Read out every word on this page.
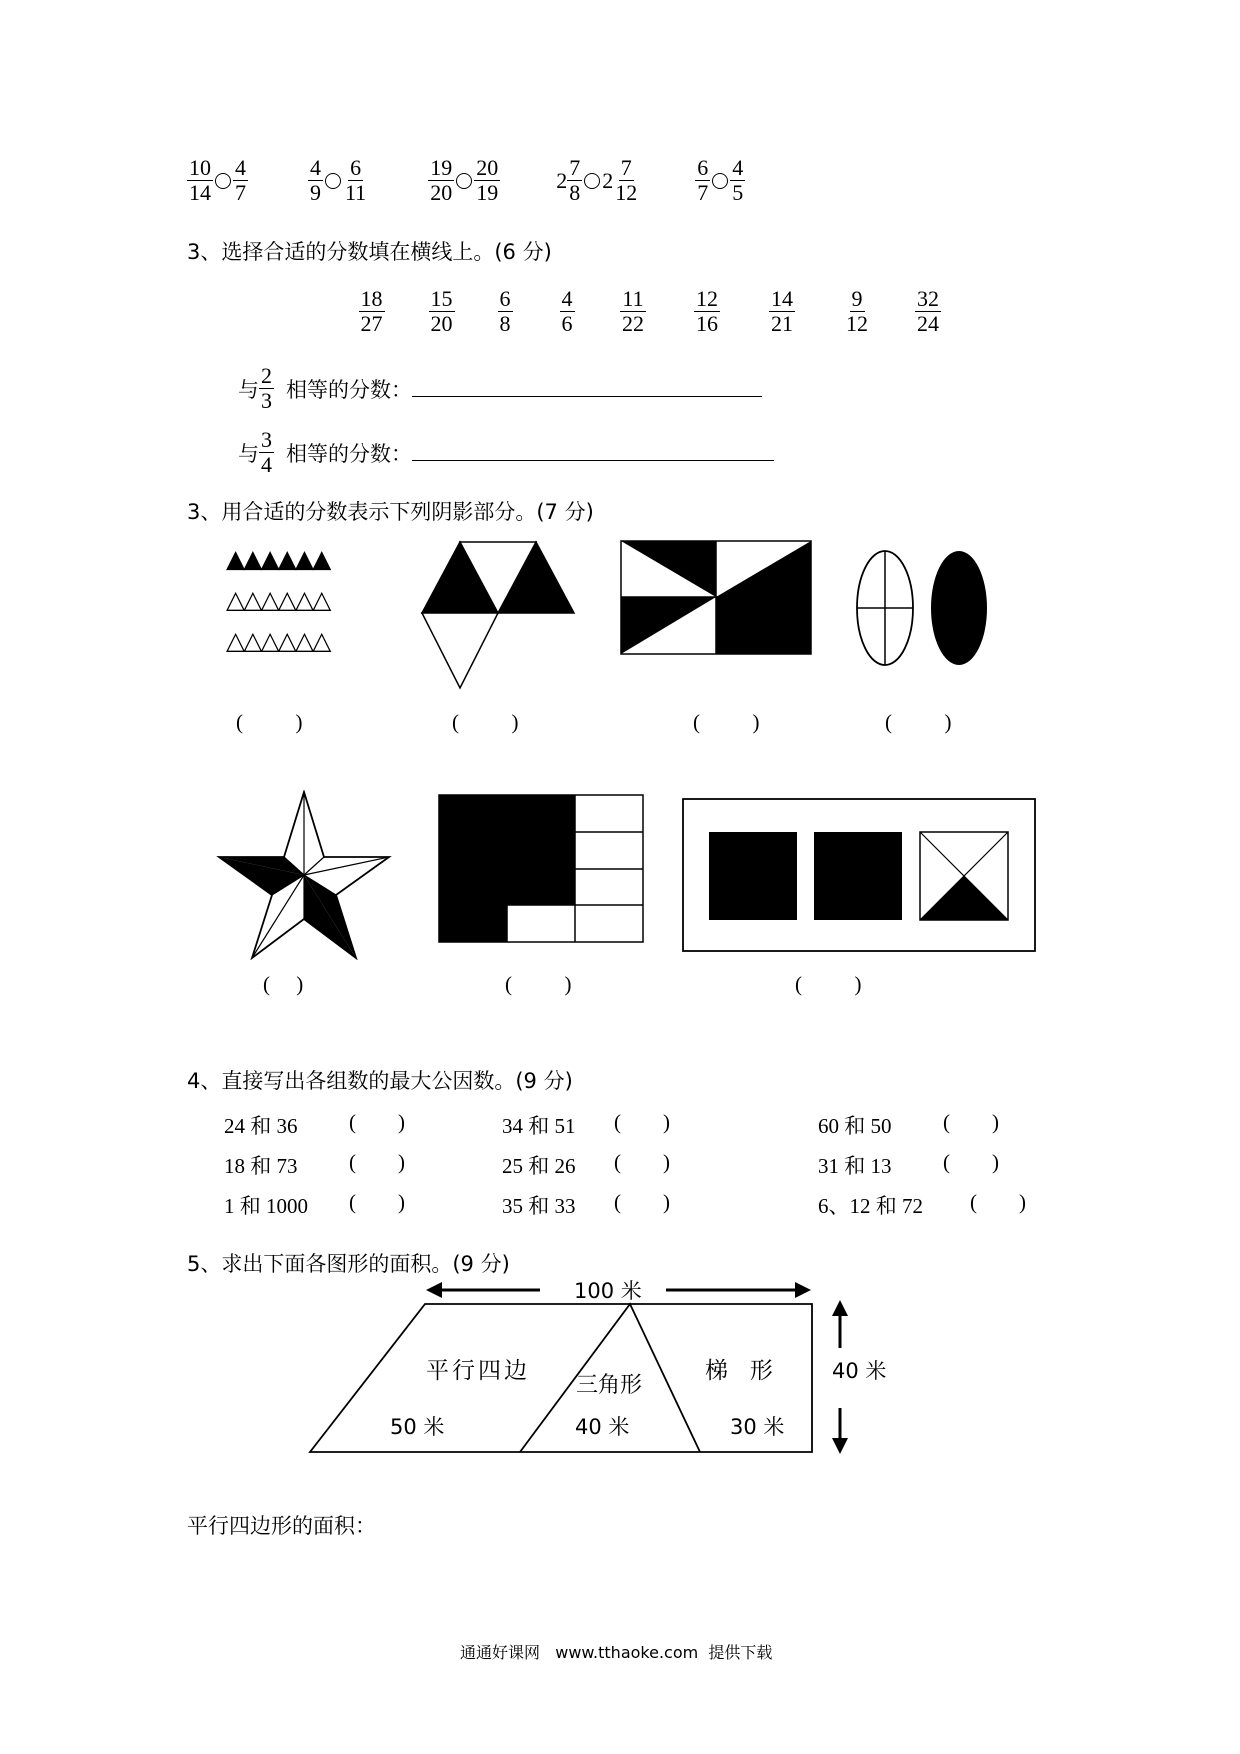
$\frac{10}{14} \frac{4}{7}$	$\frac{4}{9} \frac{6}{11}$	$\frac{19}{20} \frac{20}{19}$	$2 \frac{7}{8} 2 \frac{7}{12}$	$\frac{6}{7} \frac{4}{5}$
3、选择合适的分数填在横线上。(6 分)
$\frac{18}{27} \frac{15}{20} \frac{6}{8} \frac{4}{6} \frac{11}{22} \frac{12}{16} \frac{14}{21} \frac{9}{12} \frac{32}{24}$
与 $\frac{2}{3}$ 相等的分数：
与 $\frac{3}{4}$ 相等的分数：
3、用合适的分数表示下列阴影部分。(7 分)
▲▲▲▲▲▲
△△△△△△
△△△△△△
(          )	(          )	(          )	(          )
(     )	(          )	(          )
4、直接写出各组数的最大公因数。(9 分)
24 和 36	(        )	34 和 51	(        )	60 和 50	(        )
18 和 73	(        )	25 和 26	(        )	31 和 13	(        )
1 和 1000	(        )	35 和 33	(        )	6、12 和 72	(        )
5、求出下面各图形的面积。(9 分)
100 米
40 米
平行四边
三角形
梯   形
50 米	40 米	30 米
平行四边形的面积：
通通好课网   www.tthaoke.com  提供下载
